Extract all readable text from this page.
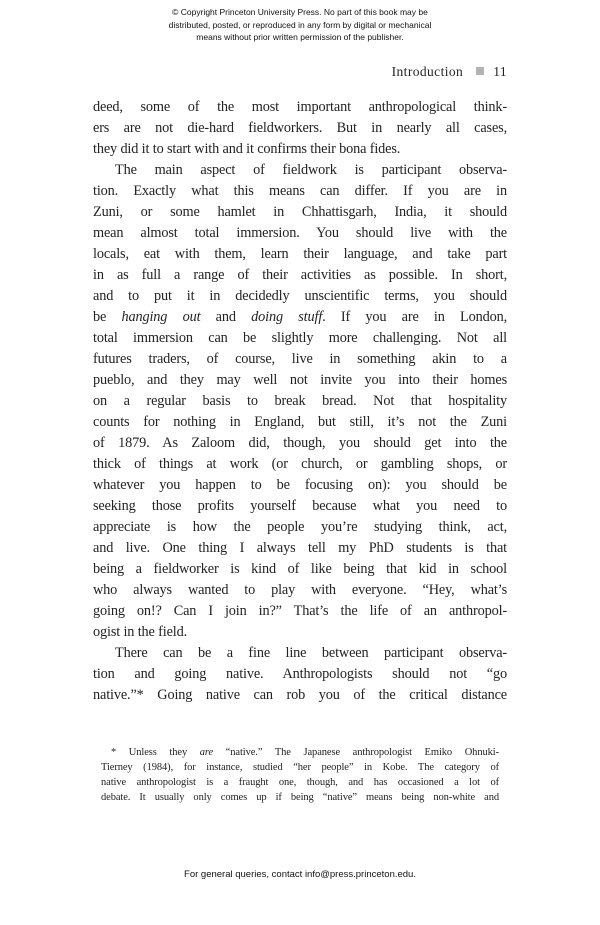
© Copyright Princeton University Press. No part of this book may be
distributed, posted, or reproduced in any form by digital or mechanical
means without prior written permission of the publisher.
Introduction 11
deed, some of the most important anthropological think-
ers are not die-hard fieldworkers. But in nearly all cases,
they did it to start with and it confirms their bona fides.
The main aspect of fieldwork is participant observa-
tion. Exactly what this means can differ. If you are in
Zuni, or some hamlet in Chhattisgarh, India, it should
mean almost total immersion. You should live with the
locals, eat with them, learn their language, and take part
in as full a range of their activities as possible. In short,
and to put it in decidedly unscientific terms, you should
be hanging out and doing stuff. If you are in London,
total immersion can be slightly more challenging. Not all
futures traders, of course, live in something akin to a
pueblo, and they may well not invite you into their homes
on a regular basis to break bread. Not that hospitality
counts for nothing in England, but still, it’s not the Zuni
of 1879. As Zaloom did, though, you should get into the
thick of things at work (or church, or gambling shops, or
whatever you happen to be focusing on): you should be
seeking those profits yourself because what you need to
appreciate is how the people you’re studying think, act,
and live. One thing I always tell my PhD students is that
being a fieldworker is kind of like being that kid in school
who always wanted to play with everyone. “Hey, what’s
going on!? Can I join in?” That’s the life of an anthropol-
ogist in the field.
There can be a fine line between participant observa-
tion and going native. Anthropologists should not “go
native.”* Going native can rob you of the critical distance
* Unless they are “native.” The Japanese anthropologist Emiko Ohnuki-
Tierney (1984), for instance, studied “her people” in Kobe. The category of
native anthropologist is a fraught one, though, and has occasioned a lot of
debate. It usually only comes up if being “native” means being non-white and
For general queries, contact info@press.princeton.edu.
